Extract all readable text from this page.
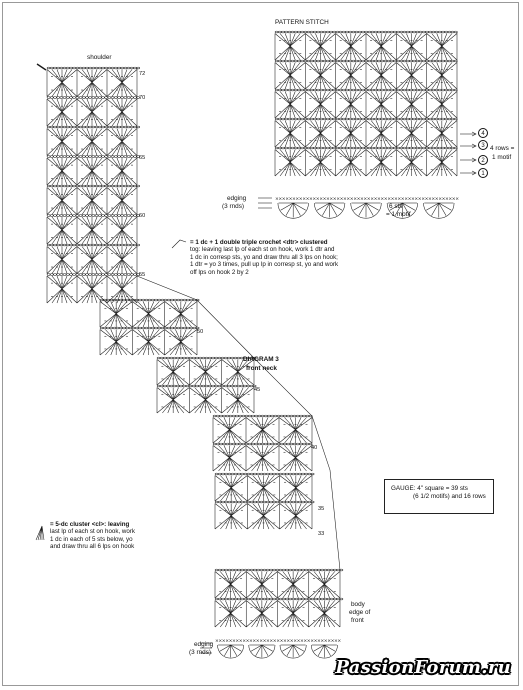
× × × × × × × × × × × × × × × × × × × × × × × × × × × × × × × × × × × × × × × × × × × × × × × × × × × × × ×
× × × × × × × × × × × × × × × × × × × × × × × × × × × × × × × × × × × × ×
PATTERN STITCH
shoulder
4
3
2
1
4 rows =
1 motif
edging
(3 rnds)	6 sts
= 1 motif
= 1 dc + 1 double triple crochet <dtr> clustered
tog: leaving last lp of each st on hook, work 1 dtr and
1 dc in corresp sts, yo and draw thru all 3 lps on hook;
1 dtr = yo 3 times, pull up lp in corresp st, yo and work
off lps on hook 2 by 2
DIAGRAM 3
front neck
GAUGE: 4" square = 39 sts
(6 1/2 motifs) and 16 rows
= 5-dc cluster <cl>: leaving
last lp of each st on hook, work
1 dc in each of 5 sts below, yo
and draw thru all 6 lps on hook
body
edge of
front
edging
(3 rnds)
72
70
65
60
55
50
45
40
35
33
PassionForum.ru
